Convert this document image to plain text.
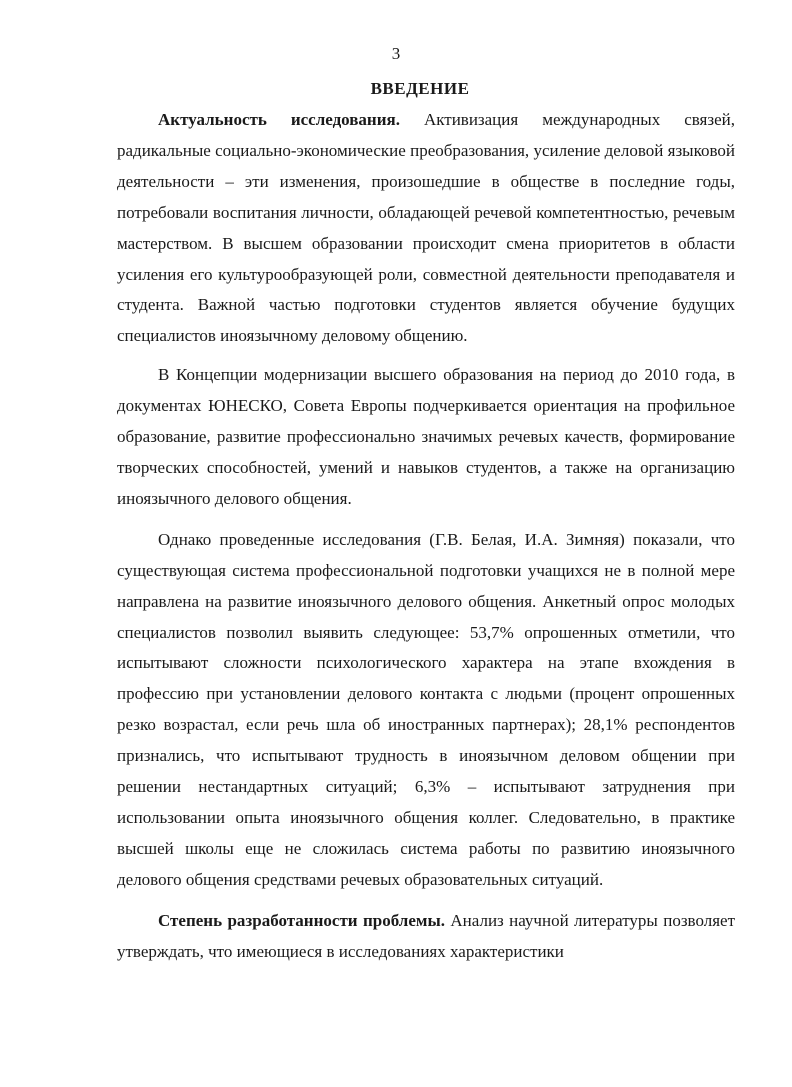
3
ВВЕДЕНИЕ

Актуальность исследования. Активизация международных связей, радикальные социально-экономические преобразования, усиление деловой языковой деятельности – эти изменения, произошедшие в обществе в последние годы, потребовали воспитания личности, обладающей речевой компетентностью, речевым мастерством. В высшем образовании происходит смена приоритетов в области усиления его культурообразующей роли, совместной деятельности преподавателя и студента. Важной частью подготовки студентов является обучение будущих специалистов иноязычному деловому общению.

В Концепции модернизации высшего образования на период до 2010 года, в документах ЮНЕСКО, Совета Европы подчеркивается ориентация на профильное образование, развитие профессионально значимых речевых качеств, формирование творческих способностей, умений и навыков студентов, а также на организацию иноязычного делового общения.

Однако проведенные исследования (Г.В. Белая, И.А. Зимняя) показали, что существующая система профессиональной подготовки учащихся не в полной мере направлена на развитие иноязычного делового общения. Анкетный опрос молодых специалистов позволил выявить следующее: 53,7% опрошенных отметили, что испытывают сложности психологического характера на этапе вхождения в профессию при установлении делового контакта с людьми (процент опрошенных резко возрастал, если речь шла об иностранных партнерах); 28,1% респондентов признались, что испытывают трудность в иноязычном деловом общении при решении нестандартных ситуаций; 6,3% – испытывают затруднения при использовании опыта иноязычного общения коллег. Следовательно, в практике высшей школы еще не сложилась система работы по развитию иноязычного делового общения средствами речевых образовательных ситуаций.

Степень разработанности проблемы. Анализ научной литературы позволяет утверждать, что имеющиеся в исследованиях характеристики
